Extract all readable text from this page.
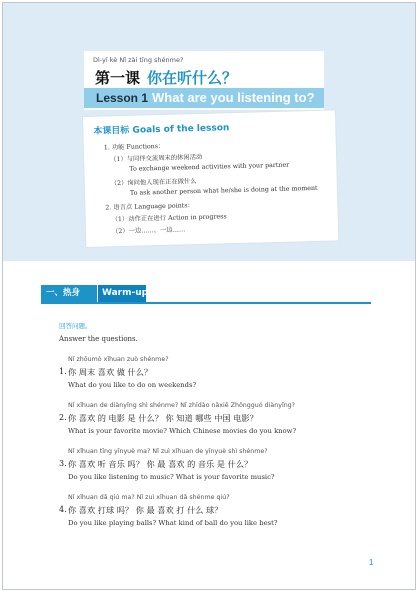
Dì-yī kè Nǐ zài tīng shénme?
第一课 你在听什么？
Lesson 1 What are you listening to?
本课目标 Goals of the lesson
1. 功能 Functions：
（1）与同伴交流周末的休闲活动
To exchange weekend activities with your partner
（2）询问他人现在正在做什么
To ask another person what he/she is doing at the moment
2. 语言点 Language points：
（1）动作正在进行 Action in progress
（2）一边……，一边……
一、热身	Warm-up
回答问题。
Answer the questions.
Nǐ zhōumò xǐhuan zuò shénme?
1. 你 周末 喜欢 做 什么？
What do you like to do on weekends?
Nǐ xǐhuan de diànyǐng shì shénme? Nǐ zhīdào nǎxiē Zhōngguó diànyǐng?
2. 你 喜欢 的 电影 是 什么？ 你 知道 哪些 中国 电影？
What is your favorite movie? Which Chinese movies do you know?
Nǐ xǐhuan tīng yīnyuè ma? Nǐ zuì xǐhuan de yīnyuè shì shénme?
3. 你 喜欢 听 音乐 吗？ 你 最 喜欢 的 音乐 是 什么？
Do you like listening to music? What is your favorite music?
Nǐ xǐhuan dǎ qiú ma? Nǐ zuì xǐhuan dǎ shénme qiú?
4. 你 喜欢 打球 吗？ 你 最 喜欢 打 什么 球？
Do you like playing balls? What kind of ball do you like best?
1
